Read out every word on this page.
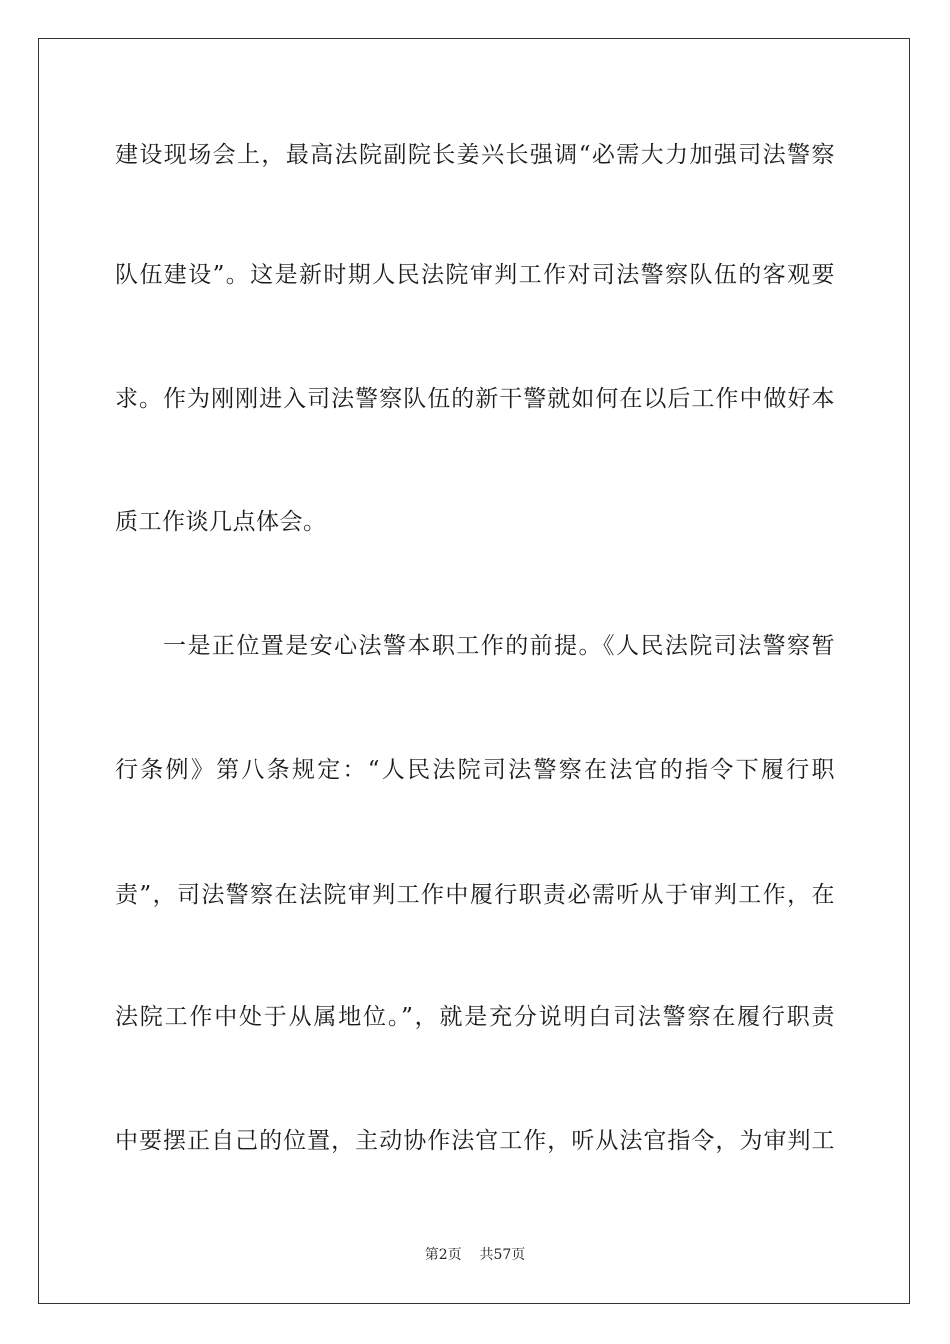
建设现场会上，最高法院副院长姜兴长强调“必需大力加强司法警察
队伍建设”。这是新时期人民法院审判工作对司法警察队伍的客观要
求。作为刚刚进入司法警察队伍的新干警就如何在以后工作中做好本
质工作谈几点体会。
一是正位置是安心法警本职工作的前提。《人民法院司法警察暂
行条例》第八条规定：“人民法院司法警察在法官的指令下履行职
责”，司法警察在法院审判工作中履行职责必需听从于审判工作，在
法院工作中处于从属地位。”，就是充分说明白司法警察在履行职责
中要摆正自己的位置，主动协作法官工作，听从法官指令，为审判工
第2页 共57页
